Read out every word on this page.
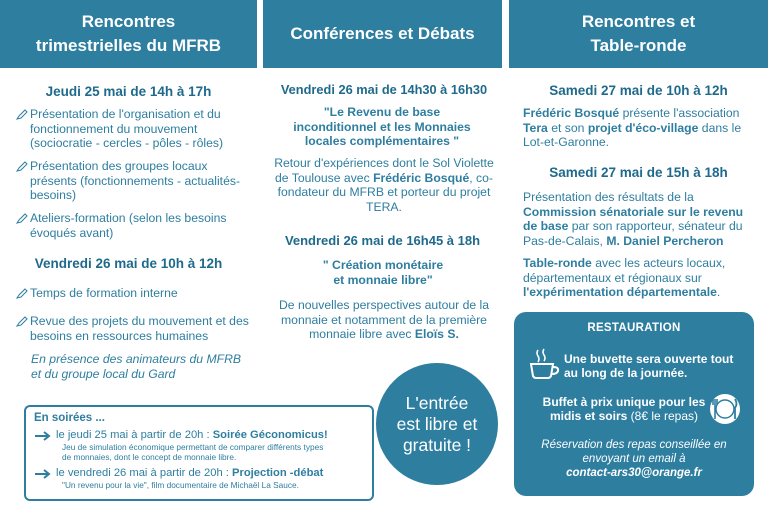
Rencontres
trimestrielles du MFRB
Conférences et Débats
Rencontres et
Table-ronde
Jeudi 25 mai de 14h à 17h
Présentation de l'organisation et du fonctionnement du mouvement (sociocratie - cercles - pôles - rôles)
Présentation des groupes locaux présents (fonctionnements - actualités- besoins)
Ateliers-formation (selon les besoins évoqués avant)
Vendredi 26 mai de 10h à 12h
Temps de formation interne
Revue des projets du mouvement et des besoins en ressources humaines
En présence des animateurs du MFRB et du groupe local du Gard
Vendredi 26 mai de 14h30 à 16h30
"Le Revenu de base inconditionnel et les Monnaies locales complémentaires "
Retour d'expériences dont le Sol Violette de Toulouse avec Frédéric Bosqué, co-fondateur du MFRB et porteur du projet TERA.
Vendredi 26 mai de 16h45 à 18h
" Création monétaire et monnaie libre"
De nouvelles perspectives autour de la monnaie et notamment de la première monnaie libre avec Eloïs S.
Samedi 27 mai de 10h à 12h
Frédéric Bosqué présente l'association Tera et son projet d'éco-village dans le Lot-et-Garonne.
Samedi 27 mai de 15h à 18h
Présentation des résultats de la Commission sénatoriale sur le revenu de base par son rapporteur, sénateur du Pas-de-Calais, M. Daniel Percheron
Table-ronde avec les acteurs locaux, départementaux et régionaux sur l'expérimentation départementale.
RESTAURATION
Une buvette sera ouverte tout au long de la journée.
Buffet à prix unique pour les midis et soirs (8€ le repas)
Réservation des repas conseillée en
envoyant un email à
contact-ars30@orange.fr
En soirées ...
le jeudi 25 mai à partir de 20h : Soirée Géconomicus!
Jeu de simulation économique permettant de comparer différents types
de monnaies, dont le concept de monnaie libre.
le vendredi 26 mai à partir de 20h : Projection -débat
"Un revenu pour la vie", film documentaire de Michaël La Sauce.
L'entrée
est libre et
gratuite !
